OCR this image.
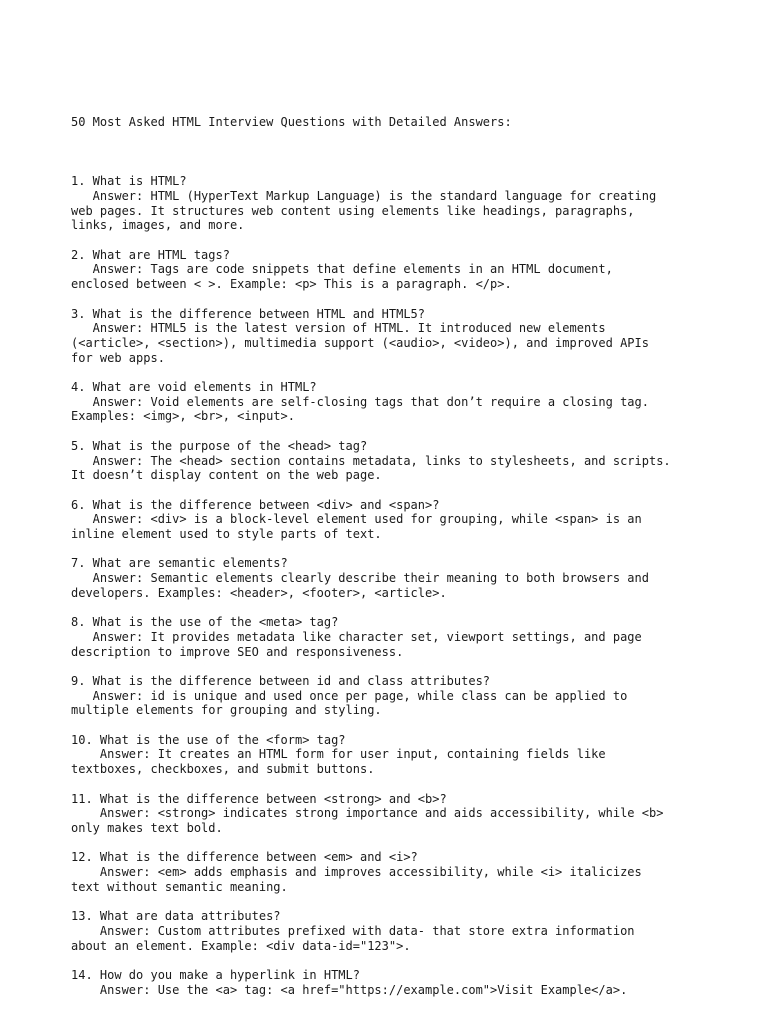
50 Most Asked HTML Interview Questions with Detailed Answers:

1. What is HTML?
Answer: HTML (HyperText Markup Language) is the standard language for creating
web pages. It structures web content using elements like headings, paragraphs,
links, images, and more.
2. What are HTML tags?
Answer: Tags are code snippets that define elements in an HTML document,
enclosed between < >. Example: <p> This is a paragraph. </p>.
3. What is the difference between HTML and HTML5?
Answer: HTML5 is the latest version of HTML. It introduced new elements
(<article>, <section>), multimedia support (<audio>, <video>), and improved APIs
for web apps.
4. What are void elements in HTML?
Answer: Void elements are self-closing tags that don’t require a closing tag.
Examples: <img>, <br>, <input>.
5. What is the purpose of the <head> tag?
Answer: The <head> section contains metadata, links to stylesheets, and scripts.
It doesn’t display content on the web page.
6. What is the difference between <div> and <span>?
Answer: <div> is a block-level element used for grouping, while <span> is an
inline element used to style parts of text.
7. What are semantic elements?
Answer: Semantic elements clearly describe their meaning to both browsers and
developers. Examples: <header>, <footer>, <article>.
8. What is the use of the <meta> tag?
Answer: It provides metadata like character set, viewport settings, and page
description to improve SEO and responsiveness.
9. What is the difference between id and class attributes?
Answer: id is unique and used once per page, while class can be applied to
multiple elements for grouping and styling.
10. What is the use of the <form> tag?
Answer: It creates an HTML form for user input, containing fields like
textboxes, checkboxes, and submit buttons.
11. What is the difference between <strong> and <b>?
Answer: <strong> indicates strong importance and aids accessibility, while <b>
only makes text bold.
12. What is the difference between <em> and <i>?
Answer: <em> adds emphasis and improves accessibility, while <i> italicizes
text without semantic meaning.
13. What are data attributes?
Answer: Custom attributes prefixed with data- that store extra information
about an element. Example: <div data-id="123">.
14. How do you make a hyperlink in HTML?
Answer: Use the <a> tag: <a href="https://example.com">Visit Example</a>.
